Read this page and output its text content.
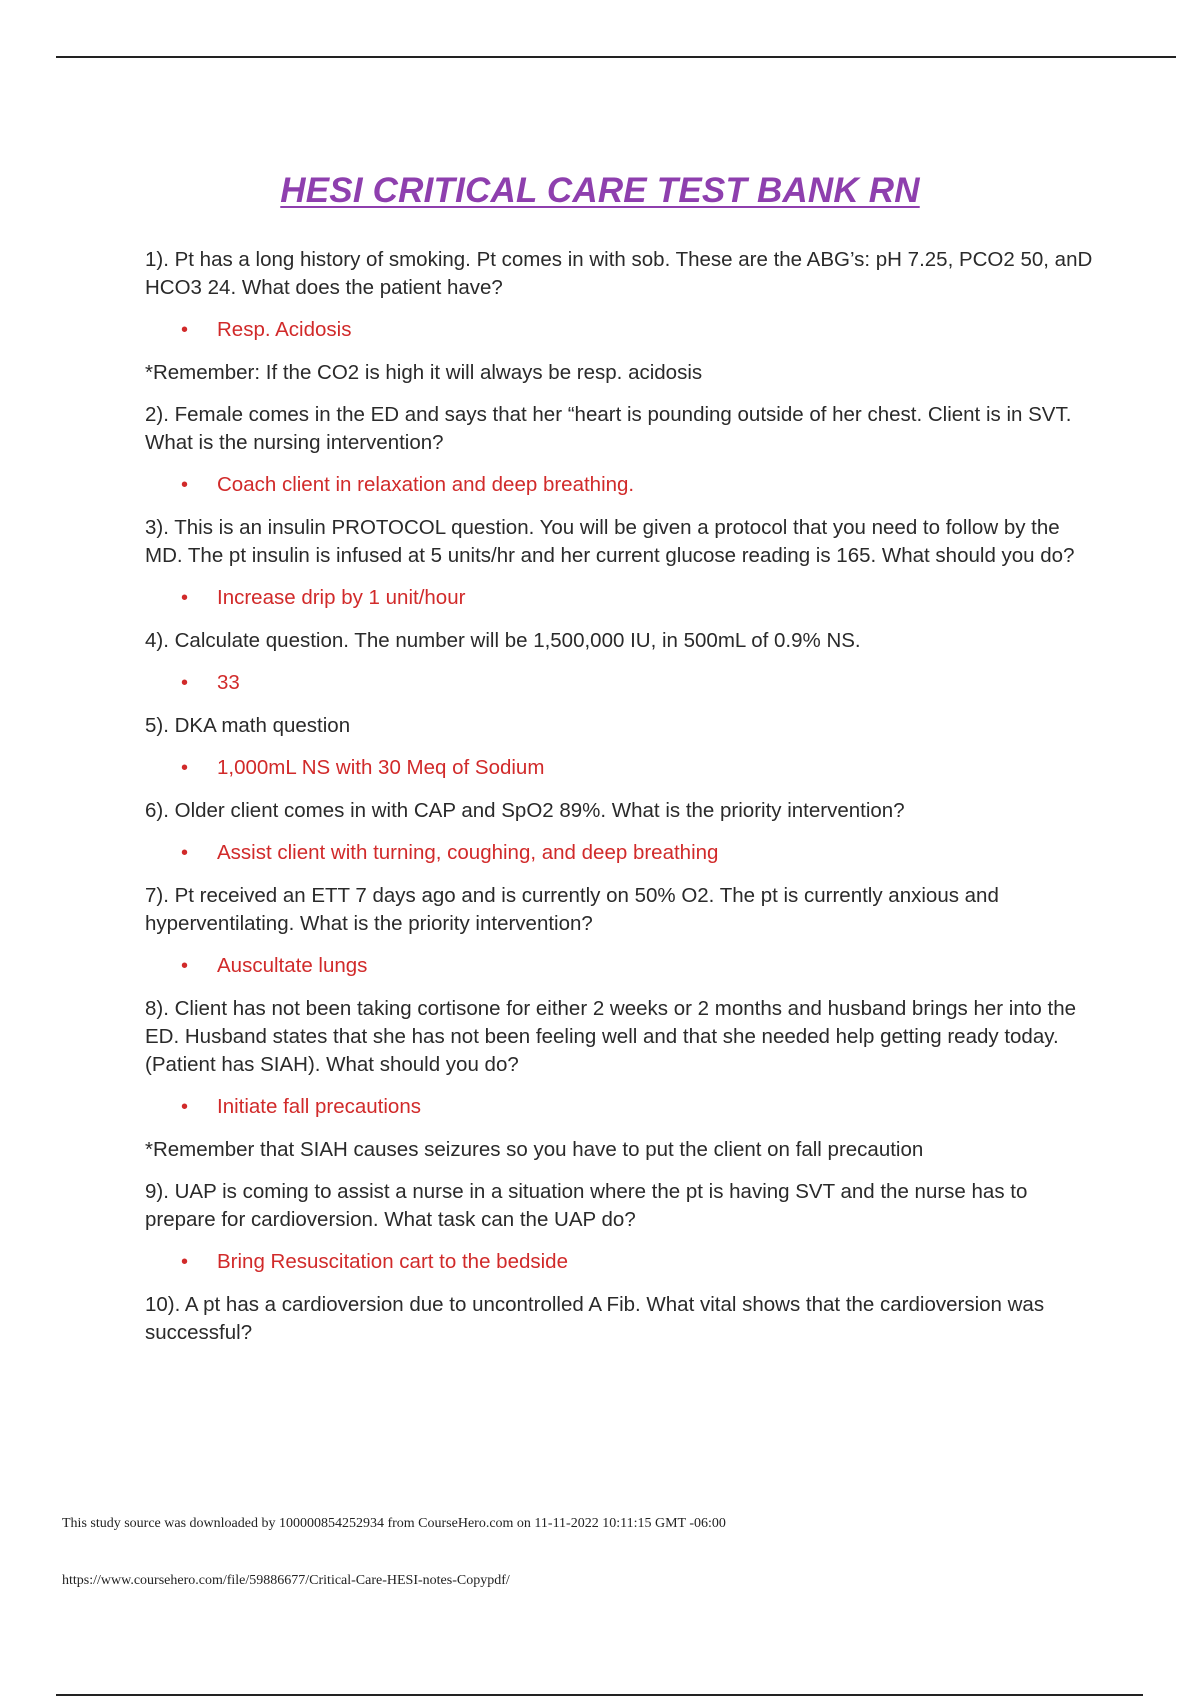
HESI CRITICAL CARE TEST BANK RN

1). Pt has a long history of smoking. Pt comes in with sob. These are the ABG’s: pH 7.25, PCO2 50, anD HCO3 24. What does the patient have?

• Resp. Acidosis

*Remember: If the CO2 is high it will always be resp. acidosis

2). Female comes in the ED and says that her “heart is pounding outside of her chest. Client is in SVT. What is the nursing intervention?

• Coach client in relaxation and deep breathing.

3). This is an insulin PROTOCOL question. You will be given a protocol that you need to follow by the MD. The pt insulin is infused at 5 units/hr and her current glucose reading is 165. What should you do?

• Increase drip by 1 unit/hour

4). Calculate question. The number will be 1,500,000 IU, in 500mL of 0.9% NS.

• 33

5). DKA math question

• 1,000mL NS with 30 Meq of Sodium

6). Older client comes in with CAP and SpO2 89%. What is the priority intervention?

• Assist client with turning, coughing, and deep breathing

7). Pt received an ETT 7 days ago and is currently on 50% O2. The pt is currently anxious and hyperventilating. What is the priority intervention?

• Auscultate lungs

8). Client has not been taking cortisone for either 2 weeks or 2 months and husband brings her into the ED. Husband states that she has not been feeling well and that she needed help getting ready today. (Patient has SIAH). What should you do?

• Initiate fall precautions

*Remember that SIAH causes seizures so you have to put the client on fall precaution

9). UAP is coming to assist a nurse in a situation where the pt is having SVT and the nurse has to prepare for cardioversion. What task can the UAP do?

• Bring Resuscitation cart to the bedside

10). A pt has a cardioversion due to uncontrolled A Fib. What vital shows that the cardioversion was successful?

This study source was downloaded by 100000854252934 from CourseHero.com on 11-11-2022 10:11:15 GMT -06:00
https://www.coursehero.com/file/59886677/Critical-Care-HESI-notes-Copypdf/
